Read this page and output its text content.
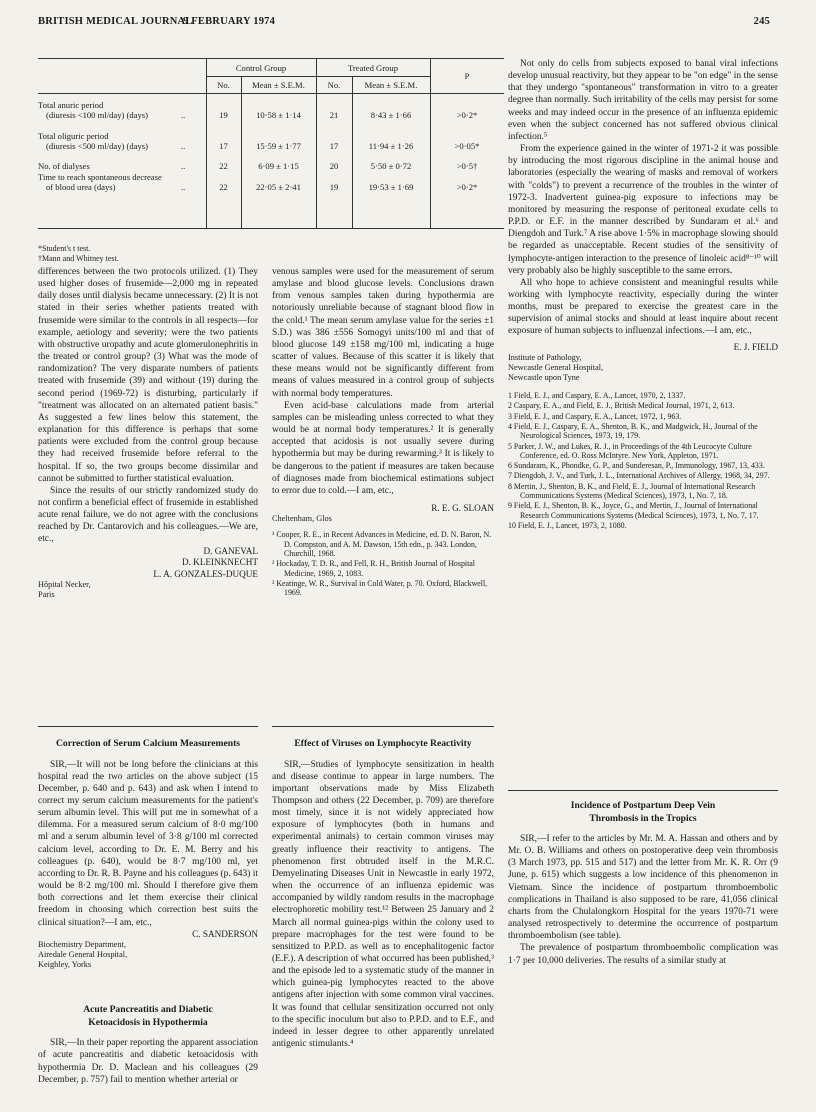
BRITISH MEDICAL JOURNAL
9 FEBRUARY 1974	245
Control Group	Treated Group
P
No.	Mean ± S.E.M.	No.	Mean ± S.E.M.
Total anuric period
(diuresis <100 ml/day) (days)	..	19	10·58 ± 1·14	21	8·43 ± 1·66	>0·2*
Total oliguric period
(diuresis <500 ml/day) (days)	..	17	15·59 ± 1·77	17	11·94 ± 1·26	>0·05*
No. of dialyses	..	22	6·09 ± 1·15	20	5·50 ± 0·72	>0·5†
Time to reach spontaneous decrease
of blood urea (days)	..	22	22·05 ± 2·41	19	19·53 ± 1·69	>0·2*
*Student's t test.
†Mann and Whitney test.

differences between the two protocols utilized. (1) They used higher doses of frusemide—2,000 mg in repeated daily doses until dialysis became unnecessary. (2) It is not stated in their series whether patients treated with frusemide were similar to the controls in all respects—for example, aetiology and severity; were the two patients with obstructive uropathy and acute glomerulonephritis in the treated or control group? (3) What was the mode of randomization? The very disparate numbers of patients treated with frusemide (39) and without (19) during the second period (1969-72) is disturbing, particularly if "treatment was allocated on an alternated patient basis." As suggested a few lines below this statement, the explanation for this difference is perhaps that some patients were excluded from the control group because they had received frusemide before referral to the hospital. If so, the two groups become dissimilar and cannot be submitted to further statistical evaluation.

Since the results of our strictly randomized study do not confirm a beneficial effect of frusemide in established acute renal failure, we do not agree with the conclusions reached by Dr. Cantarovich and his colleagues.—We are, etc.,

D. GANEVAL

D. KLEINKNECHT

L. A. GONZALES-DUQUE

Hôpital Necker,

Paris

Correction of Serum Calcium Measurements

SIR,—It will not be long before the clinicians at this hospital read the two articles on the above subject (15 December, p. 640 and p. 643) and ask when I intend to correct my serum calcium measurements for the patient's serum albumin level. This will put me in somewhat of a dilemma. For a measured serum calcium of 8·0 mg/100 ml and a serum albumin level of 3·8 g/100 ml corrected calcium level, according to Dr. E. M. Berry and his colleagues (p. 640), would be 8·7 mg/100 ml, yet according to Dr. R. B. Payne and his colleagues (p. 643) it would be 8·2 mg/100 ml. Should I therefore give them both corrections and let them exercise their clinical freedom in choosing which correction best suits the clinical situation?—I am, etc.,

C. SANDERSON

Biochemistry Department,

Airedale General Hospital,

Keighley, Yorks

Acute Pancreatitis and Diabetic

Ketoacidosis in Hypothermia

SIR,—In their paper reporting the apparent association of acute pancreatitis and diabetic ketoacidosis with hypothermia Dr. D. Maclean and his colleagues (29 December, p. 757) fail to mention whether arterial or

venous samples were used for the measurement of serum amylase and blood glucose levels. Conclusions drawn from venous samples taken during hypothermia are notoriously unreliable because of stagnant blood flow in the cold.¹ The mean serum amylase value for the series ±1 S.D.) was 386 ±556 Somogyi units/100 ml and that of blood glucose 149 ±158 mg/100 ml, indicating a huge scatter of values. Because of this scatter it is likely that these means would not be significantly different from means of values measured in a control group of subjects with normal body temperatures.

Even acid-base calculations made from arterial samples can be misleading unless corrected to what they would be at normal body temperatures.² It is generally accepted that acidosis is not usually severe during hypothermia but may be during rewarming.³ It is likely to be dangerous to the patient if measures are taken because of diagnoses made from biochemical estimations subject to error due to cold.—I am, etc.,

R. E. G. SLOAN

Cheltenham, Glos

¹ Cooper, R. E., in Recent Advances in Medicine, ed. D. N. Baron, N. D. Compston, and A. M. Dawson, 15th edn., p. 343. London, Churchill, 1968.
² Hockaday, T. D. R., and Fell, R. H., British Journal of Hospital Medicine, 1969, 2, 1083.
³ Keatinge, W. R., Survival in Cold Water, p. 70. Oxford, Blackwell, 1969.

Effect of Viruses on Lymphocyte Reactivity

SIR,—Studies of lymphocyte sensitization in health and disease continue to appear in large numbers. The important observations made by Miss Elizabeth Thompson and others (22 December, p. 709) are therefore most timely, since it is not widely appreciated how exposure of lymphocytes (both in humans and experimental animals) to certain common viruses may greatly influence their reactivity to antigens. The phenomenon first obtruded itself in the M.R.C. Demyelinating Diseases Unit in Newcastle in early 1972, when the occurrence of an influenza epidemic was accompanied by wildly random results in the macrophage electrophoretic mobility test.¹² Between 25 January and 2 March all normal guinea-pigs within the colony used to prepare macrophages for the test were found to be sensitized to P.P.D. as well as to encephalitogenic factor (E.F.). A description of what occurred has been published,³ and the episode led to a systematic study of the manner in which guinea-pig lymphocytes reacted to the above antigens after injection with some common viral vaccines. It was found that cellular sensitization occurred not only to the specific inoculum but also to P.P.D. and to E.F., and indeed in lesser degree to other apparently unrelated antigenic stimulants.⁴

Not only do cells from subjects exposed to banal viral infections develop unusual reactivity, but they appear to be "on edge" in the sense that they undergo "spontaneous" transformation in vitro to a greater degree than normally. Such irritability of the cells may persist for some weeks and may indeed occur in the presence of an influenza epidemic even when the subject concerned has not suffered obvious clinical infection.⁵

From the experience gained in the winter of 1971-2 it was possible by introducing the most rigorous discipline in the animal house and laboratories (especially the wearing of masks and removal of workers with "colds") to prevent a recurrence of the troubles in the winter of 1972-3. Inadvertent guinea-pig exposure to infections may be monitored by measuring the response of peritoneal exudate cells to P.P.D. or E.F. in the manner described by Sundaram et al.⁶ and Diengdoh and Turk.⁷ A rise above 1·5% in macrophage slowing should be regarded as unacceptable. Recent studies of the sensitivity of lymphocyte-antigen interaction to the presence of linoleic acid⁸⁻¹⁰ will very probably also be highly susceptible to the same errors.

All who hope to achieve consistent and meaningful results while working with lymphocyte reactivity, especially during the winter months, must be prepared to exercise the greatest care in the supervision of animal stocks and should at least inquire about recent exposure of human subjects to influenzal infections.—I am, etc.,

E. J. FIELD

Institute of Pathology,

Newcastle General Hospital,

Newcastle upon Tyne

1 Field, E. J., and Caspary, E. A., Lancet, 1970, 2, 1337.
2 Caspary, E. A., and Field, E. J., British Medical Journal, 1971, 2, 613.
3 Field, E. J., and Caspary, E. A., Lancet, 1972, 1, 963.
4 Field, E. J., Caspary, E. A., Shenton, B. K., and Madgwick, H., Journal of the Neurological Sciences, 1973, 19, 179.
5 Parker, J. W., and Lukes, R. J., in Proceedings of the 4th Leucocyte Culture Conference, ed. O. Ross McIntyre. New York, Appleton, 1971.
6 Sundaram, K., Phondke, G. P., and Sunderesan, P., Immunology, 1967, 13, 433.
7 Diengdoh, J. V., and Turk, J. L., International Archives of Allergy, 1968, 34, 297.
8 Mertin, J., Shenton, B. K., and Field, E. J., Journal of International Research Communications Systems (Medical Sciences), 1973, 1, No. 7, 18.
9 Field, E. J., Shenton, B. K., Joyce, G., and Mertin, J., Journal of International Research Communications Systems (Medical Sciences), 1973, 1, No. 7, 17.
10 Field, E. J., Lancet, 1973, 2, 1080.

Incidence of Postpartum Deep Vein

Thrombosis in the Tropics

SIR,—I refer to the articles by Mr. M. A. Hassan and others and by Mr. O. B. Williams and others on postoperative deep vein thrombosis (3 March 1973, pp. 515 and 517) and the letter from Mr. K. R. Orr (9 June, p. 615) which suggests a low incidence of this phenomenon in Vietnam. Since the incidence of postpartum thromboembolic complications in Thailand is also supposed to be rare, 41,056 clinical charts from the Chulalongkorn Hospital for the years 1970-71 were analysed retrospectively to determine the occurrence of postpartum thromboembolism (see table).

The prevalence of postpartum thromboembolic complication was 1·7 per 10,000 deliveries. The results of a similar study at
